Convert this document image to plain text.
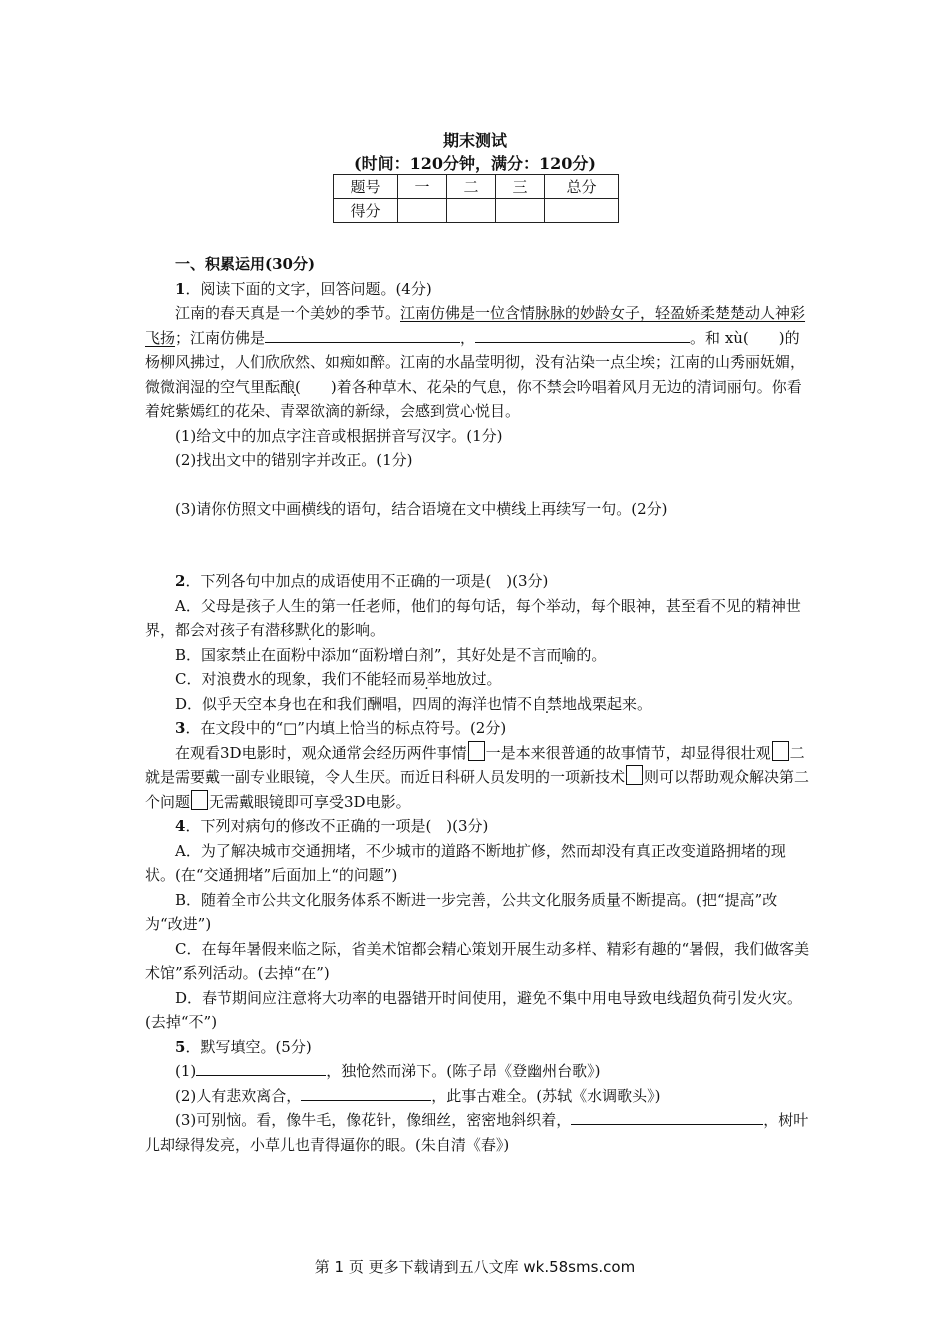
期末测试
(时间：120分钟，满分：120分)
题号	一	二	三	总分
得分				

一、积累运用(30分)

1．阅读下面的文字，回答问题。(4分)

江南的春天真是一个美妙的季节。江南仿佛是一位含情脉脉的妙龄女子，轻盈娇柔楚楚动人神彩飞扬；江南仿佛是	，	。和 xù(　　)的杨柳风拂过，人们欣欣然、如痴如醉。江南的水晶莹明彻，没有沾染一点尘埃；江南的山秀丽妩媚，微微润湿的空气里酝酿(　　)着各种草木、花朵的气息，你不禁会吟唱着风月无边的清词丽句。你看着姹紫嫣红的花朵、青翠欲滴的新绿，会感到赏心悦目。

(1)给文中的加点字注音或根据拼音写汉字。(1分)

(2)找出文中的错别字并改正。(1分)

(3)请你仿照文中画横线的语句，结合语境在文中横线上再续写一句。(2分)

2．下列各句中加点的成语使用不正确的一项是(　)(3分)

A．父母是孩子人生的第一任老师，他们的每句话，每个举动，每个眼神，甚至看不见的精神世界，都会对孩子有潜移默化的影响。

B．国家禁止在面粉中添加“面粉增白剂”，其好处是不言而喻的。

C．对浪费水的现象，我们不能轻而易举地放过。

D．似乎天空本身也在和我们酬唱，四周的海洋也情不自禁地战栗起来。

3．在文段中的“□”内填上恰当的标点符号。(2分)

在观看3D电影时，观众通常会经历两件事情 一是本来很普通的故事情节，却显得很壮观 二就是需要戴一副专业眼镜，令人生厌。而近日科研人员发明的一项新技术 则可以帮助观众解决第二个问题 无需戴眼镜即可享受3D电影。

4．下列对病句的修改不正确的一项是(　)(3分)

A．为了解决城市交通拥堵，不少城市的道路不断地扩修，然而却没有真正改变道路拥堵的现状。(在“交通拥堵”后面加上“的问题”)

B．随着全市公共文化服务体系不断进一步完善，公共文化服务质量不断提高。(把“提高”改为“改进”)

C．在每年暑假来临之际，省美术馆都会精心策划开展生动多样、精彩有趣的“暑假，我们做客美术馆”系列活动。(去掉“在”)

D．春节期间应注意将大功率的电器错开时间使用，避免不集中用电导致电线超负荷引发火灾。(去掉“不”)

5．默写填空。(5分)

(1)	，独怆然而涕下。(陈子昂《登幽州台歌》)

(2)人有悲欢离合，	，此事古难全。(苏轼《水调歌头》)

(3)可别恼。看，像牛毛，像花针，像细丝，密密地斜织着，	，树叶儿却绿得发亮，小草儿也青得逼你的眼。(朱自清《春》)

第 1 页 更多下载请到五八文库 wk.58sms.com
